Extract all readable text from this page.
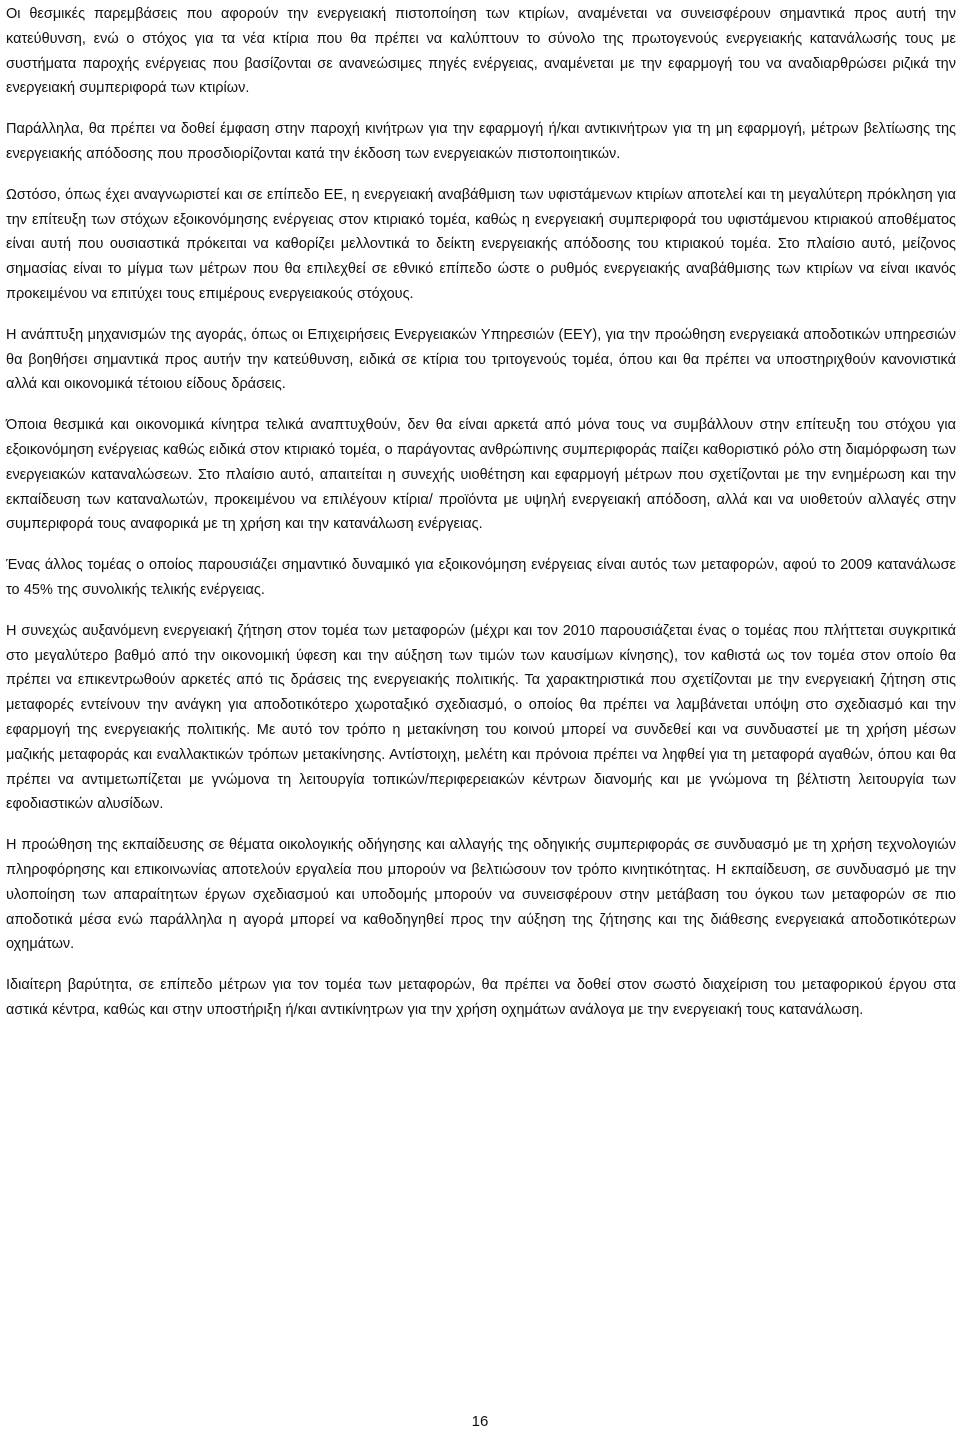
Οι θεσμικές παρεμβάσεις που αφορούν την ενεργειακή πιστοποίηση των κτιρίων, αναμένεται να συνεισφέρουν σημαντικά προς αυτή την κατεύθυνση, ενώ ο στόχος για τα νέα κτίρια που θα πρέπει να καλύπτουν το σύνολο της πρωτογενούς ενεργειακής κατανάλωσής τους με συστήματα παροχής ενέργειας που βασίζονται σε ανανεώσιμες πηγές ενέργειας, αναμένεται με την εφαρμογή του να αναδιαρθρώσει ριζικά την ενεργειακή συμπεριφορά των κτιρίων.

Παράλληλα, θα πρέπει να δοθεί έμφαση στην παροχή κινήτρων για την εφαρμογή ή/και αντικινήτρων για τη μη εφαρμογή, μέτρων βελτίωσης της ενεργειακής απόδοσης που προσδιορίζονται κατά την έκδοση των ενεργειακών πιστοποιητικών.

Ωστόσο, όπως έχει αναγνωριστεί και σε επίπεδο ΕΕ, η ενεργειακή αναβάθμιση των υφιστάμενων κτιρίων αποτελεί και τη μεγαλύτερη πρόκληση για την επίτευξη των στόχων εξοικονόμησης ενέργειας στον κτιριακό τομέα, καθώς η ενεργειακή συμπεριφορά του υφιστάμενου κτιριακού αποθέματος είναι αυτή που ουσιαστικά πρόκειται να καθορίζει μελλοντικά το δείκτη ενεργειακής απόδοσης του κτιριακού τομέα. Στο πλαίσιο αυτό, μείζονος σημασίας είναι το μίγμα των μέτρων που θα επιλεχθεί σε εθνικό επίπεδο ώστε ο ρυθμός ενεργειακής αναβάθμισης των κτιρίων να είναι ικανός προκειμένου να επιτύχει τους επιμέρους ενεργειακούς στόχους.

Η ανάπτυξη μηχανισμών της αγοράς, όπως οι Επιχειρήσεις Ενεργειακών Υπηρεσιών (ΕΕΥ), για την προώθηση ενεργειακά αποδοτικών υπηρεσιών θα βοηθήσει σημαντικά προς αυτήν την κατεύθυνση, ειδικά σε κτίρια του τριτογενούς τομέα, όπου και θα πρέπει να υποστηριχθούν κανονιστικά αλλά και οικονομικά τέτοιου είδους δράσεις.

Όποια θεσμικά και οικονομικά κίνητρα τελικά αναπτυχθούν, δεν θα είναι αρκετά από μόνα τους να συμβάλλουν στην επίτευξη του στόχου για εξοικονόμηση ενέργειας καθώς ειδικά στον κτιριακό τομέα, ο παράγοντας ανθρώπινης συμπεριφοράς παίζει καθοριστικό ρόλο στη διαμόρφωση των ενεργειακών καταναλώσεων. Στο πλαίσιο αυτό, απαιτείται η συνεχής υιοθέτηση και εφαρμογή μέτρων που σχετίζονται με την ενημέρωση και την εκπαίδευση των καταναλωτών, προκειμένου να επιλέγουν κτίρια/ προϊόντα με υψηλή ενεργειακή απόδοση, αλλά και να υιοθετούν αλλαγές στην συμπεριφορά τους αναφορικά με τη χρήση και την κατανάλωση ενέργειας.

Ένας άλλος τομέας ο οποίος παρουσιάζει σημαντικό δυναμικό για εξοικονόμηση ενέργειας είναι αυτός των μεταφορών, αφού το 2009 κατανάλωσε το 45% της συνολικής τελικής ενέργειας.

Η συνεχώς αυξανόμενη ενεργειακή ζήτηση στον τομέα των μεταφορών (μέχρι και τον 2010 παρουσιάζεται ένας ο τομέας που πλήττεται συγκριτικά στο μεγαλύτερο βαθμό από την οικονομική ύφεση και την αύξηση των τιμών των καυσίμων κίνησης), τον καθιστά ως τον τομέα στον οποίο θα πρέπει να επικεντρωθούν αρκετές από τις δράσεις της ενεργειακής πολιτικής. Τα χαρακτηριστικά που σχετίζονται με την ενεργειακή ζήτηση στις μεταφορές εντείνουν την ανάγκη για αποδοτικότερο χωροταξικό σχεδιασμό, ο οποίος θα πρέπει να λαμβάνεται υπόψη στο σχεδιασμό και την εφαρμογή της ενεργειακής πολιτικής. Με αυτό τον τρόπο η μετακίνηση του κοινού μπορεί να συνδεθεί και να συνδυαστεί με τη χρήση μέσων μαζικής μεταφοράς και εναλλακτικών τρόπων μετακίνησης. Αντίστοιχη, μελέτη και πρόνοια πρέπει να ληφθεί για τη μεταφορά αγαθών, όπου και θα πρέπει να αντιμετωπίζεται με γνώμονα τη λειτουργία τοπικών/περιφερειακών κέντρων διανομής και με γνώμονα τη βέλτιστη λειτουργία των εφοδιαστικών αλυσίδων.

Η προώθηση της εκπαίδευσης σε θέματα οικολογικής οδήγησης και αλλαγής της οδηγικής συμπεριφοράς σε συνδυασμό με τη χρήση τεχνολογιών πληροφόρησης και επικοινωνίας αποτελούν εργαλεία που μπορούν να βελτιώσουν τον τρόπο κινητικότητας. Η εκπαίδευση, σε συνδυασμό με την υλοποίηση των απαραίτητων έργων σχεδιασμού και υποδομής μπορούν να συνεισφέρουν στην μετάβαση του όγκου των μεταφορών σε πιο αποδοτικά μέσα ενώ παράλληλα η αγορά μπορεί να καθοδηγηθεί προς την αύξηση της ζήτησης και της διάθεσης ενεργειακά αποδοτικότερων οχημάτων.

Ιδιαίτερη βαρύτητα, σε επίπεδο μέτρων για τον τομέα των μεταφορών, θα πρέπει να δοθεί στον σωστό διαχείριση του μεταφορικού έργου στα αστικά κέντρα, καθώς και στην υποστήριξη ή/και αντικίνητρων για την χρήση οχημάτων ανάλογα με την ενεργειακή τους κατανάλωση.

16
